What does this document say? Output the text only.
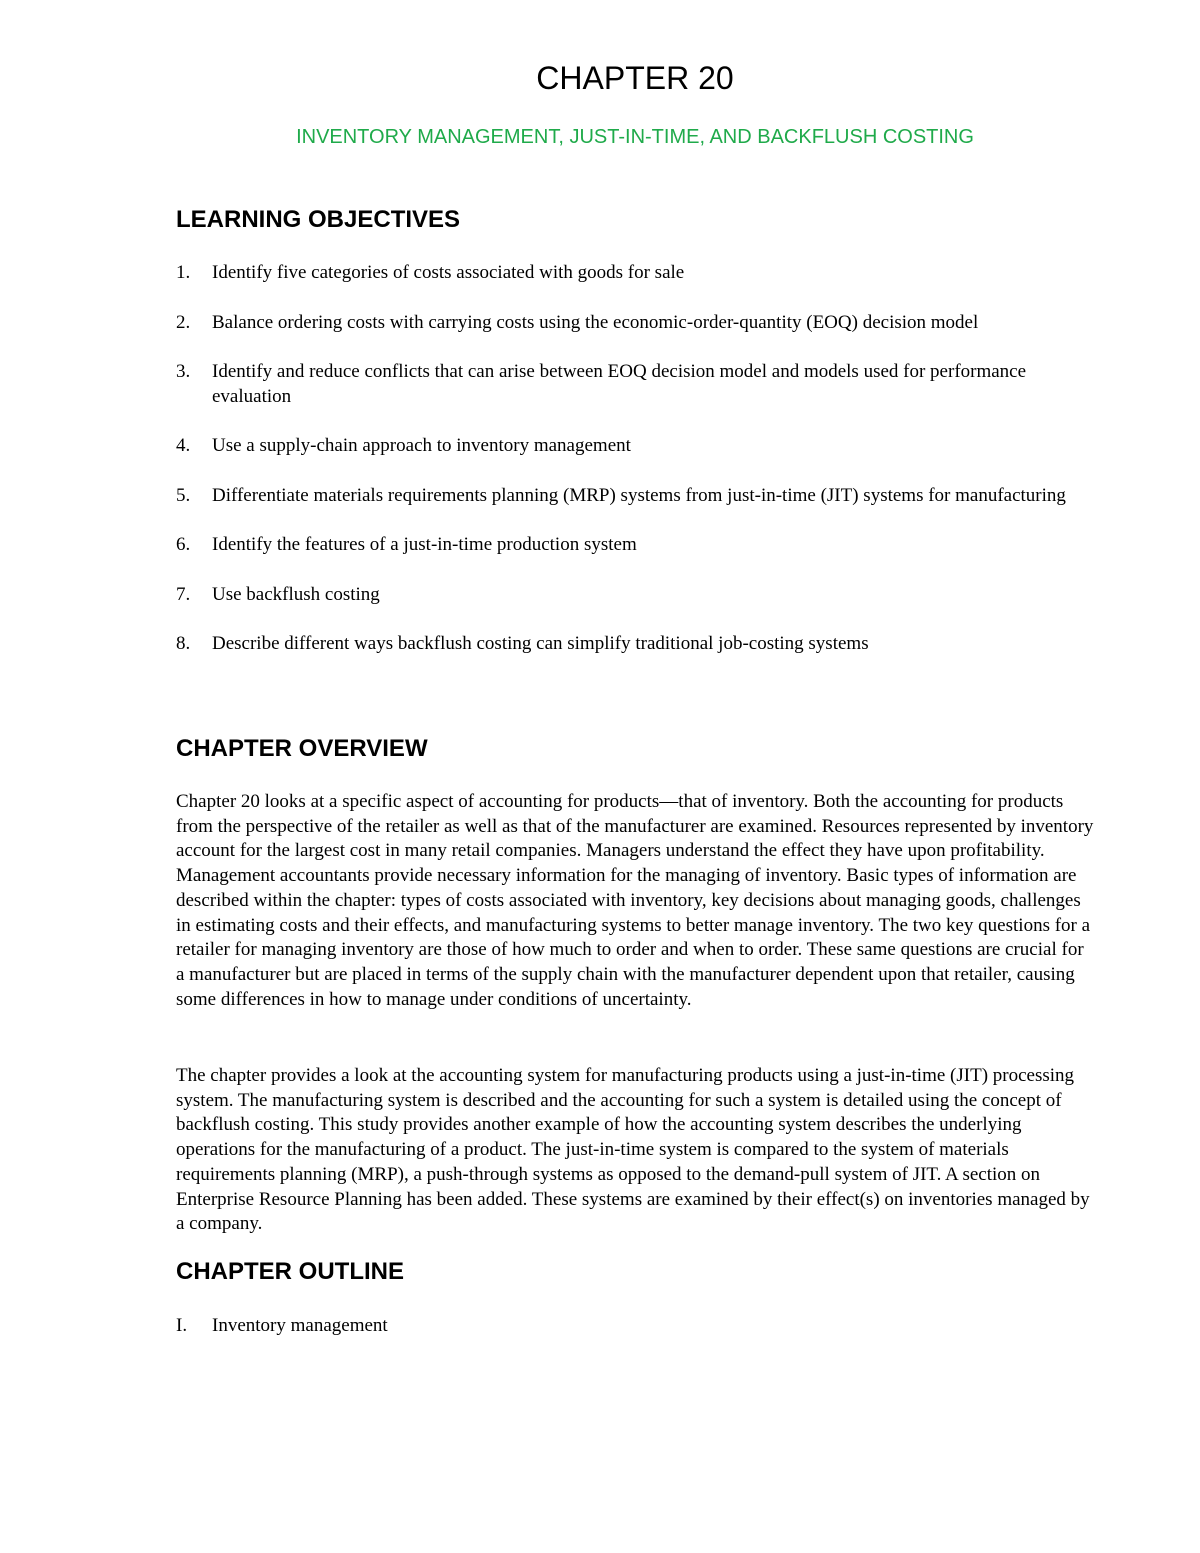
CHAPTER 20
INVENTORY MANAGEMENT, JUST-IN-TIME, AND BACKFLUSH COSTING
LEARNING OBJECTIVES
1.	Identify five categories of costs associated with goods for sale
2.	Balance ordering costs with carrying costs using the economic-order-quantity (EOQ) decision model
3.	Identify and reduce conflicts that can arise between EOQ decision model and models used for performance evaluation
4.	Use a supply-chain approach to inventory management
5.	Differentiate materials requirements planning (MRP) systems from just-in-time (JIT) systems for manufacturing
6.	Identify the features of a just-in-time production system
7.	Use backflush costing
8.	Describe different ways backflush costing can simplify traditional job-costing systems
CHAPTER OVERVIEW

Chapter 20 looks at a specific aspect of accounting for products—that of inventory. Both the accounting for products from the perspective of the retailer as well as that of the manufacturer are examined. Resources represented by inventory account for the largest cost in many retail companies. Managers understand the effect they have upon profitability. Management accountants provide necessary information for the managing of inventory. Basic types of information are described within the chapter: types of costs associated with inventory, key decisions about managing goods, challenges in estimating costs and their effects, and manufacturing systems to better manage inventory. The two key questions for a retailer for managing inventory are those of how much to order and when to order. These same questions are crucial for a manufacturer but are placed in terms of the supply chain with the manufacturer dependent upon that retailer, causing some differences in how to manage under conditions of uncertainty.

The chapter provides a look at the accounting system for manufacturing products using a just-in-time (JIT) processing system. The manufacturing system is described and the accounting for such a system is detailed using the concept of backflush costing. This study provides another example of how the accounting system describes the underlying operations for the manufacturing of a product. The just-in-time system is compared to the system of materials requirements planning (MRP), a push-through systems as opposed to the demand-pull system of JIT. A section on Enterprise Resource Planning has been added. These systems are examined by their effect(s) on inventories managed by a company.

CHAPTER OUTLINE
I.	Inventory management
